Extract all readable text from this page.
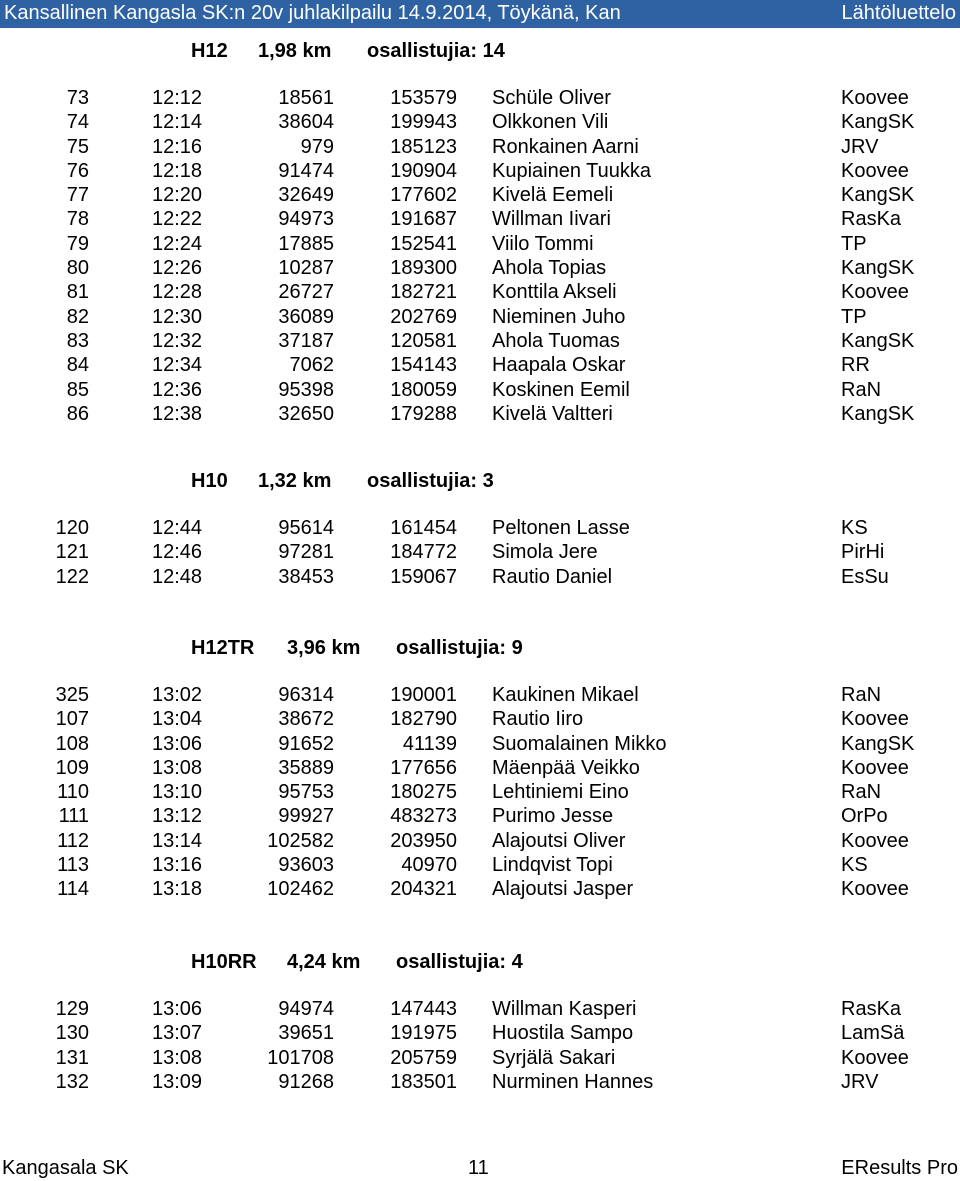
Kansallinen Kangasla SK:n 20v juhlakilpailu 14.9.2014, Töykänä, Kan	Lähtöluettelo
H12 1,98 km osallistujia: 14
73	12:12	18561	153579 Schüle Oliver	Koovee
74	12:14	38604	199943 Olkkonen Vili	KangSK
75	12:16	979	185123 Ronkainen Aarni	JRV
76	12:18	91474	190904 Kupiainen Tuukka	Koovee
77	12:20	32649	177602 Kivelä Eemeli	KangSK
78	12:22	94973	191687 Willman Iivari	RasKa
79	12:24	17885	152541 Viilo Tommi	TP
80	12:26	10287	189300 Ahola Topias	KangSK
81	12:28	26727	182721 Konttila Akseli	Koovee
82	12:30	36089	202769 Nieminen Juho	TP
83	12:32	37187	120581 Ahola Tuomas	KangSK
84	12:34	7062	154143 Haapala Oskar	RR
85	12:36	95398	180059 Koskinen Eemil	RaN
86	12:38	32650	179288 Kivelä Valtteri	KangSK
H10 1,32 km osallistujia: 3
120	12:44	95614	161454 Peltonen Lasse	KS
121	12:46	97281	184772 Simola Jere	PirHi
122	12:48	38453	159067 Rautio Daniel	EsSu
H12TR 3,96 km osallistujia: 9
325	13:02	96314	190001 Kaukinen Mikael	RaN
107	13:04	38672	182790 Rautio Iiro	Koovee
108	13:06	91652	41139 Suomalainen Mikko	KangSK
109	13:08	35889	177656 Mäenpää Veikko	Koovee
110	13:10	95753	180275 Lehtiniemi Eino	RaN
111	13:12	99927	483273 Purimo Jesse	OrPo
112	13:14	102582	203950 Alajoutsi Oliver	Koovee
113	13:16	93603	40970 Lindqvist Topi	KS
114	13:18	102462	204321 Alajoutsi Jasper	Koovee
H10RR 4,24 km osallistujia: 4
129	13:06	94974	147443 Willman Kasperi	RasKa
130	13:07	39651	191975 Huostila Sampo	LamSä
131	13:08	101708	205759 Syrjälä Sakari	Koovee
132	13:09	91268	183501 Nurminen Hannes	JRV
Kangasala SK	11	EResults Pro
